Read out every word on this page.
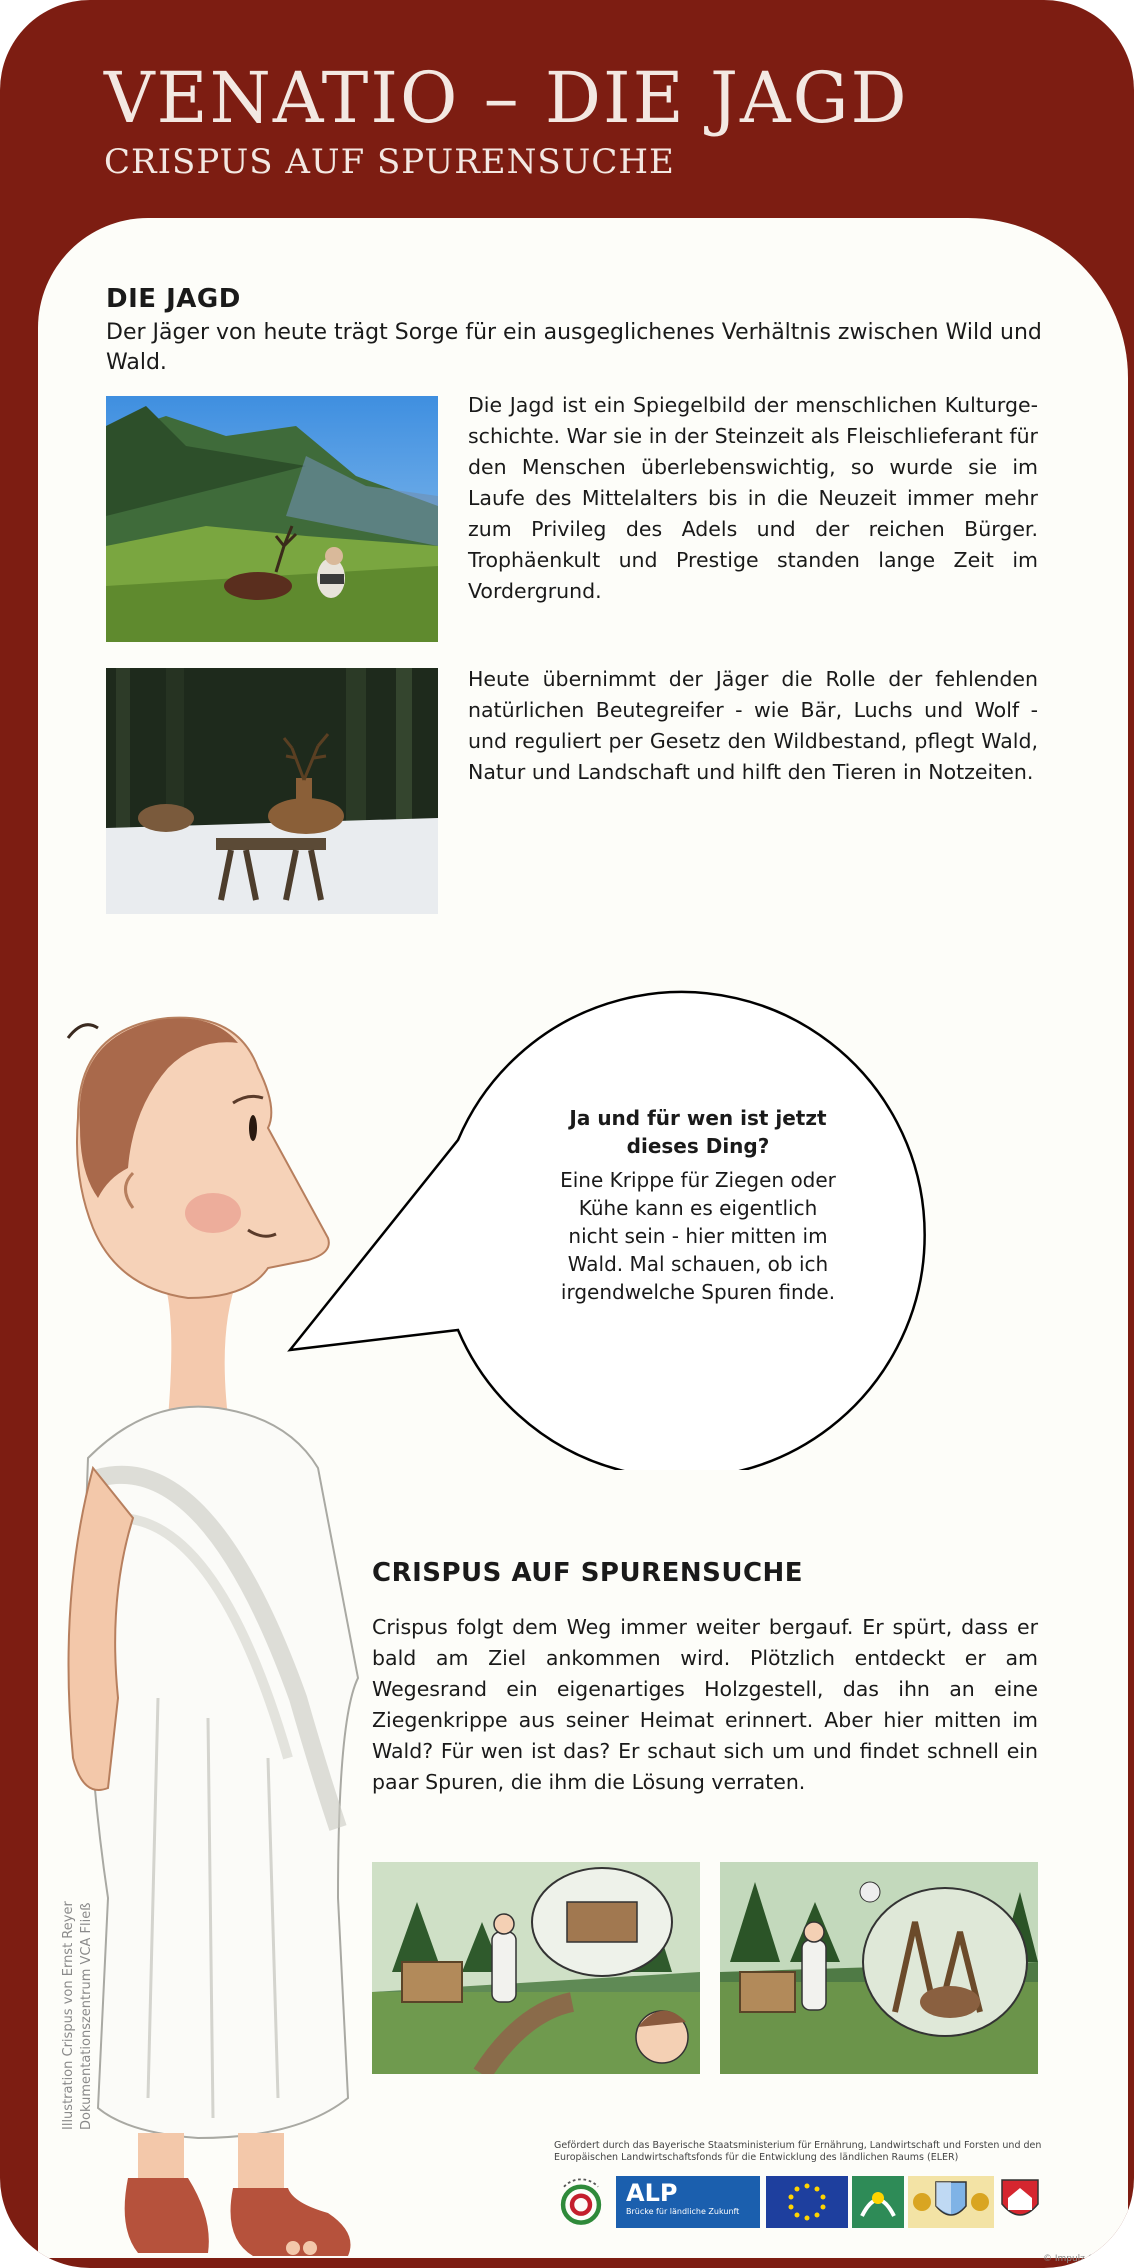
VENATIO – DIE JAGD
CRISPUS AUF SPURENSUCHE
DIE JAGD
Der Jäger von heute trägt Sorge für ein ausgeglichenes Verhältnis zwischen Wild und Wald.
Die Jagd ist ein Spiegelbild der menschlichen Kulturgeschichte. War sie in der Steinzeit als Fleischlieferant für den Menschen überlebenswichtig, so wurde sie im Laufe des Mittelalters bis in die Neuzeit immer mehr zum Privileg des Adels und der reichen Bürger. Trophäenkult und Prestige standen lange Zeit im Vordergrund.
Heute übernimmt der Jäger die Rolle der fehlenden natürlichen Beutegreifer - wie Bär, Luchs und Wolf - und reguliert per Gesetz den Wildbestand, pflegt Wald, Natur und Landschaft und hilft den Tieren in Notzeiten.
Ja und für wen ist jetzt dieses Ding?
Eine Krippe für Ziegen oder Kühe kann es eigentlich nicht sein - hier mitten im Wald. Mal schauen, ob ich irgendwelche Spuren finde.
CRISPUS AUF SPURENSUCHE
Crispus folgt dem Weg immer weiter bergauf. Er spürt, dass er bald am Ziel ankommen wird. Plötzlich entdeckt er am Wegesrand ein eigenartiges Holzgestell, das ihn an eine Ziegenkrippe aus seiner Heimat erinnert. Aber hier mitten im Wald? Für wen ist das? Er schaut sich um und findet schnell ein paar Spuren, die ihm die Lösung verraten.
Gefördert durch das Bayerische Staatsministerium für Ernährung, Landwirtschaft und Forsten und den Europäischen Landwirtschaftsfonds für die Entwicklung des ländlichen Raums (ELER)
ALP
Brücke für ländliche Zukunft
Illustration Crispus von Ernst Reyer Dokumentationszentrum VCA Fließ
© Impulz GmbH
